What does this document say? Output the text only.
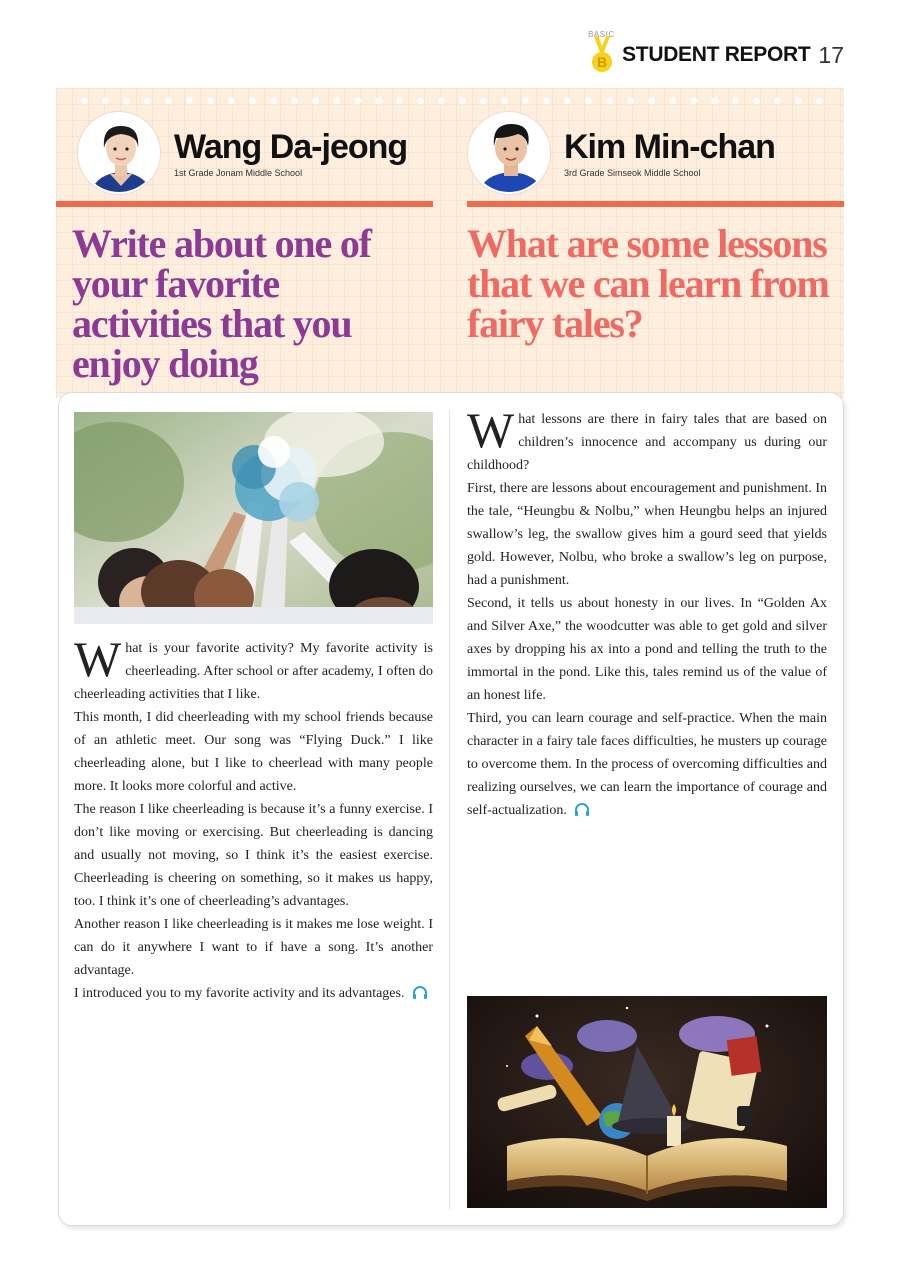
BASIC
B STUDENT REPORT 17
Wang Da-jeong
1st Grade Jonam Middle School
Kim Min-chan
3rd Grade Simseok Middle School
Write about one of your favorite activities that you enjoy doing
What are some lessons that we can learn from fairy tales?

What is your favorite activity? My favorite activity is cheerleading. After school or after academy, I often do cheerleading activities that I like.

This month, I did cheerleading with my school friends because of an athletic meet. Our song was “Flying Duck.” I like cheerleading alone, but I like to cheerlead with many people more. It looks more colorful and active.

The reason I like cheerleading is because it’s a funny exercise. I don’t like moving or exercising. But cheerleading is dancing and usually not moving, so I think it’s the easiest exercise. Cheerleading is cheering on something, so it makes us happy, too. I think it’s one of cheerleading’s advantages.

Another reason I like cheerleading is it makes me lose weight. I can do it anywhere I want to if have a song. It’s another advantage.

I introduced you to my favorite activity and its advantages.

What lessons are there in fairy tales that are based on children’s innocence and accompany us during our childhood?

First, there are lessons about encouragement and punishment. In the tale, “Heungbu & Nolbu,” when Heungbu helps an injured swallow’s leg, the swallow gives him a gourd seed that yields gold. However, Nolbu, who broke a swallow’s leg on purpose, had a punishment.

Second, it tells us about honesty in our lives. In “Golden Ax and Silver Axe,” the woodcutter was able to get gold and silver axes by dropping his ax into a pond and telling the truth to the immortal in the pond. Like this, tales remind us of the value of an honest life.

Third, you can learn courage and self-practice. When the main character in a fairy tale faces difficulties, he musters up courage to overcome them. In the process of overcoming difficulties and realizing ourselves, we can learn the importance of courage and self-actualization.
